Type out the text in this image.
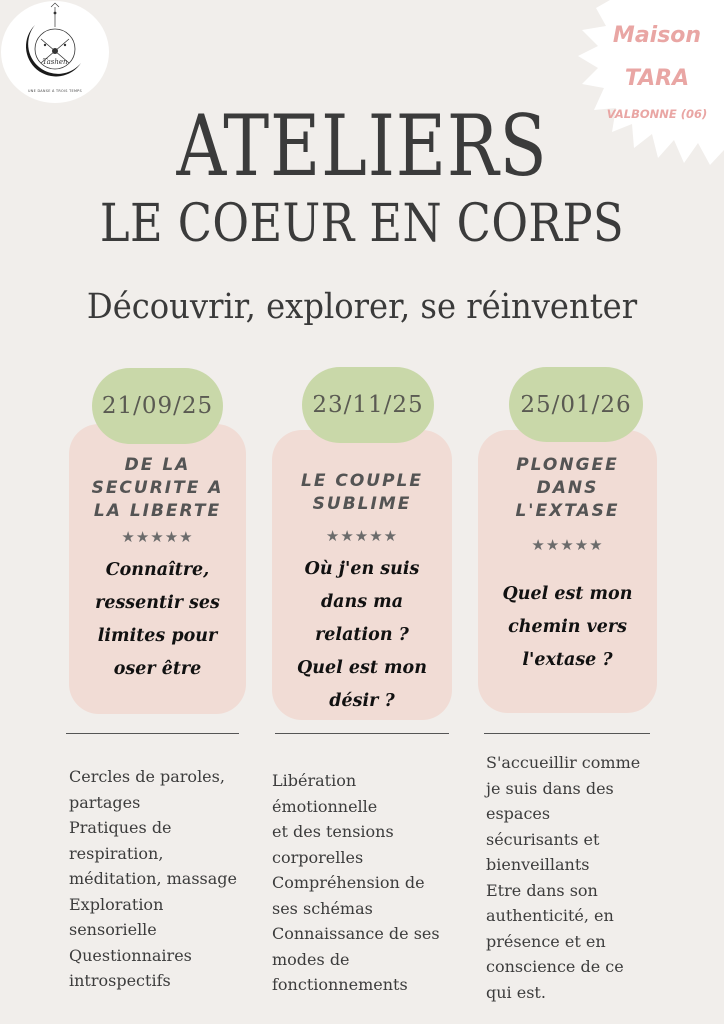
Tashen
UNE DANSE À TROIS TEMPS
Maison
TARA
VALBONNE (06)
ATELIERS
LE COEUR EN CORPS
Découvrir, explorer, se réinventer
21/09/25
DE LA
SECURITE A
LA LIBERTE
★★★★★
Connaître,
ressentir ses
limites pour
oser être
Cercles de paroles,
partages
Pratiques de
respiration,
méditation, massage
Exploration
sensorielle
Questionnaires
introspectifs
23/11/25
LE COUPLE
SUBLIME
★★★★★
Où j'en suis
dans ma
relation ?
Quel est mon
désir ?
Libération
émotionnelle
et des tensions
corporelles
Compréhension de
ses schémas
Connaissance de ses
modes de
fonctionnements
25/01/26
PLONGEE
DANS
L'EXTASE
★★★★★
Quel est mon
chemin vers
l'extase ?
S'accueillir comme
je suis dans des
espaces
sécurisants et
bienveillants
Etre dans son
authenticité, en
présence et en
conscience de ce
qui est.
